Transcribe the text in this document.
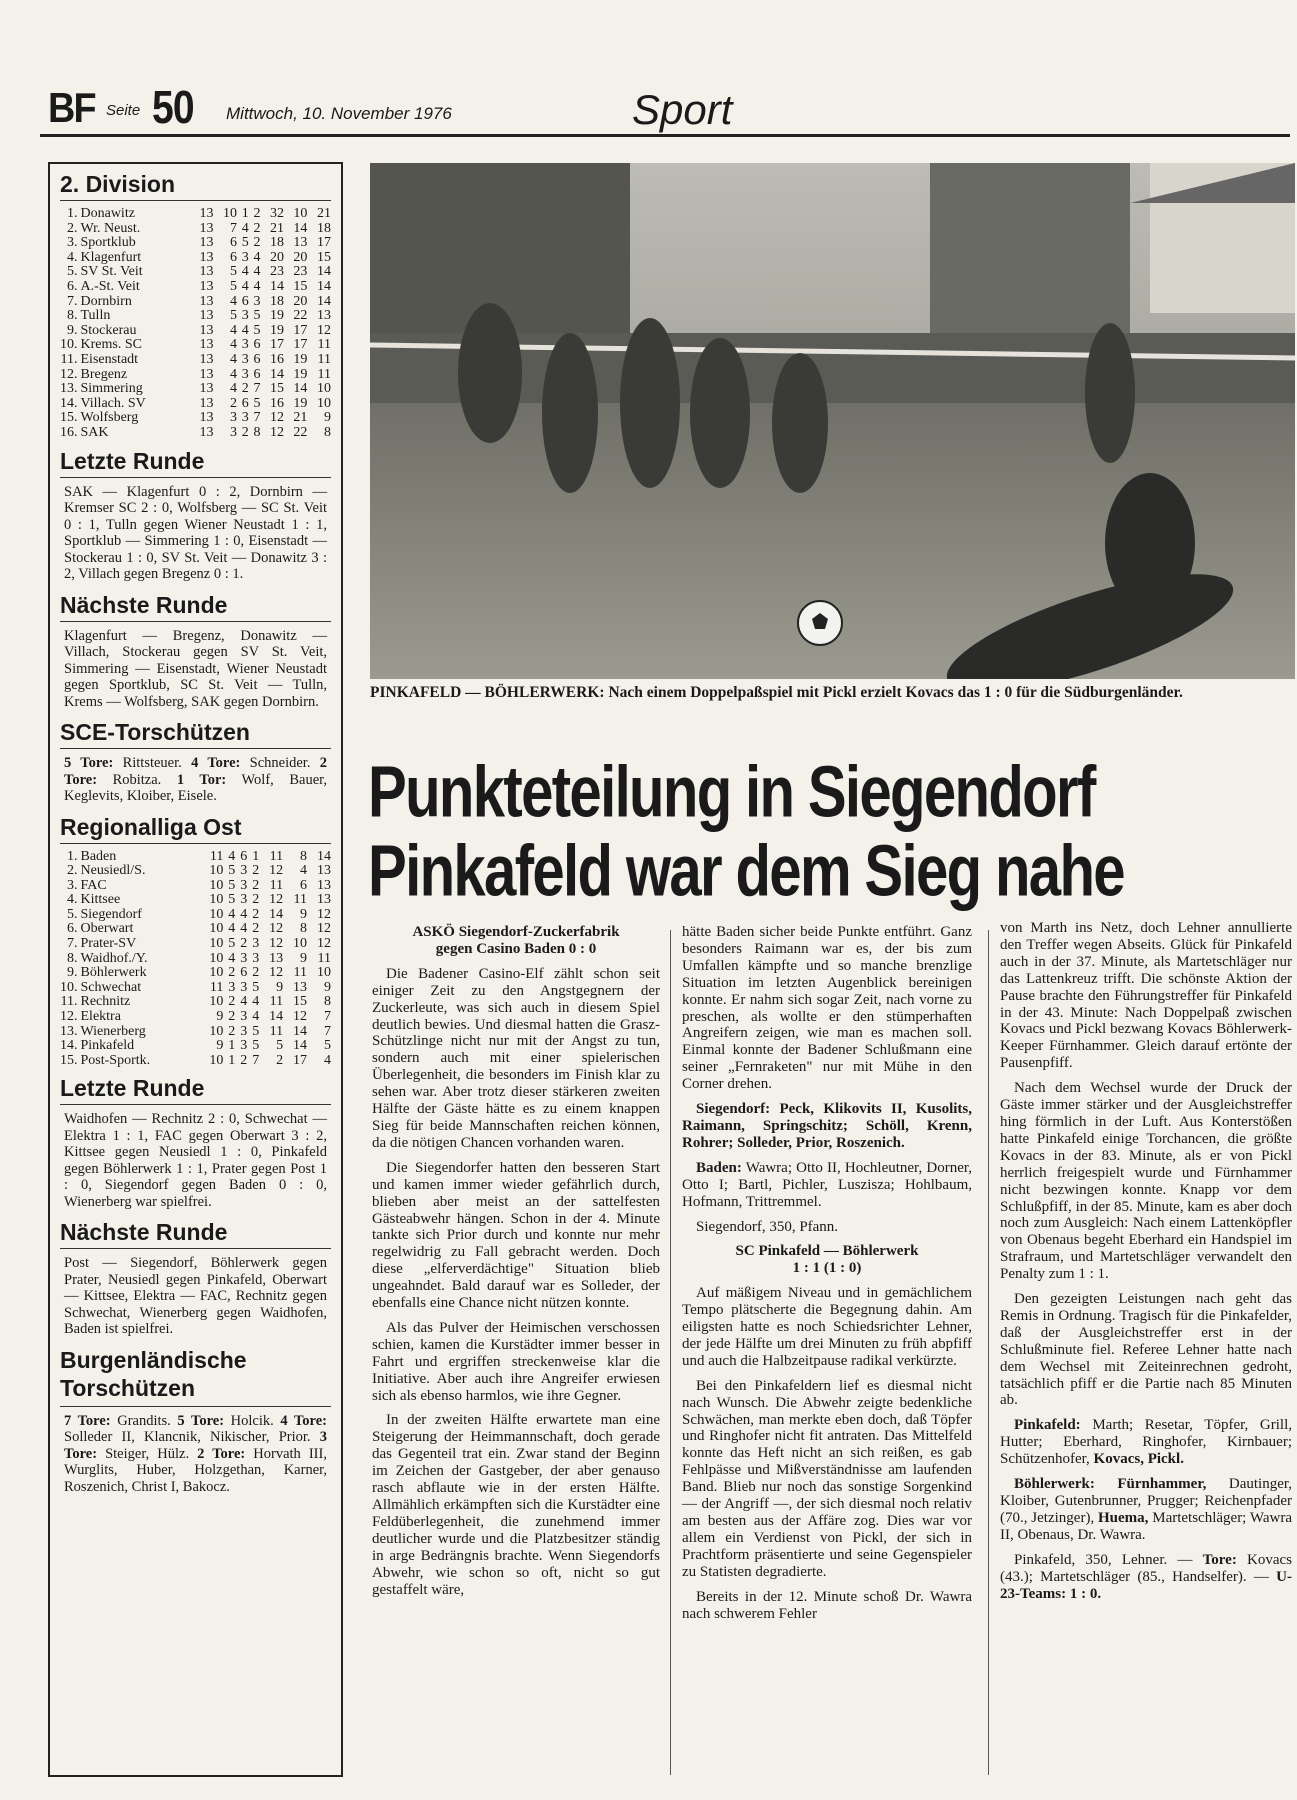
BF Seite 50 Mittwoch, 10. November 1976	Sport
2. Division
1.	Donawitz	13	10	1	2	32	10	21
2.	Wr. Neust.	13	7	4	2	21	14	18
3.	Sportklub	13	6	5	2	18	13	17
4.	Klagenfurt	13	6	3	4	20	20	15
5.	SV St. Veit	13	5	4	4	23	23	14
6.	A.-St. Veit	13	5	4	4	14	15	14
7.	Dornbirn	13	4	6	3	18	20	14
8.	Tulln	13	5	3	5	19	22	13
9.	Stockerau	13	4	4	5	19	17	12
10.	Krems. SC	13	4	3	6	17	17	11
11.	Eisenstadt	13	4	3	6	16	19	11
12.	Bregenz	13	4	3	6	14	19	11
13.	Simmering	13	4	2	7	15	14	10
14.	Villach. SV	13	2	6	5	16	19	10
15.	Wolfsberg	13	3	3	7	12	21	9
16.	SAK	13	3	2	8	12	22	8
Letzte Runde
SAK — Klagenfurt 0 : 2, Dornbirn — Kremser SC 2 : 0, Wolfsberg — SC St. Veit 0 : 1, Tulln gegen Wiener Neustadt 1 : 1, Sportklub — Simmering 1 : 0, Eisenstadt — Stockerau 1 : 0, SV St. Veit — Donawitz 3 : 2, Villach gegen Bregenz 0 : 1.
Nächste Runde
Klagenfurt — Bregenz, Donawitz — Villach, Stockerau gegen SV St. Veit, Simmering — Eisenstadt, Wiener Neustadt gegen Sportklub, SC St. Veit — Tulln, Krems — Wolfsberg, SAK gegen Dornbirn.
SCE-Torschützen
5 Tore: Rittsteuer. 4 Tore: Schneider. 2 Tore: Robitza. 1 Tor: Wolf, Bauer, Keglevits, Kloiber, Eisele.
Regionalliga Ost
1.	Baden	11	4	6	1	11	8	14
2.	Neusiedl/S.	10	5	3	2	12	4	13
3.	FAC	10	5	3	2	11	6	13
4.	Kittsee	10	5	3	2	12	11	13
5.	Siegendorf	10	4	4	2	14	9	12
6.	Oberwart	10	4	4	2	12	8	12
7.	Prater-SV	10	5	2	3	12	10	12
8.	Waidhof./Y.	10	4	3	3	13	9	11
9.	Böhlerwerk	10	2	6	2	12	11	10
10.	Schwechat	11	3	3	5	9	13	9
11.	Rechnitz	10	2	4	4	11	15	8
12.	Elektra	9	2	3	4	14	12	7
13.	Wienerberg	10	2	3	5	11	14	7
14.	Pinkafeld	9	1	3	5	5	14	5
15.	Post-Sportk.	10	1	2	7	2	17	4
Letzte Runde
Waidhofen — Rechnitz 2 : 0, Schwechat — Elektra 1 : 1, FAC gegen Oberwart 3 : 2, Kittsee gegen Neusiedl 1 : 0, Pinkafeld gegen Böhlerwerk 1 : 1, Prater gegen Post 1 : 0, Siegendorf gegen Baden 0 : 0, Wienerberg war spielfrei.
Nächste Runde
Post — Siegendorf, Böhlerwerk gegen Prater, Neusiedl gegen Pinkafeld, Oberwart — Kittsee, Elektra — FAC, Rechnitz gegen Schwechat, Wienerberg gegen Waidhofen, Baden ist spielfrei.
Burgenländische
Torschützen
7 Tore: Grandits. 5 Tore: Holcik. 4 Tore: Solleder II, Klancnik, Nikischer, Prior. 3 Tore: Steiger, Hülz. 2 Tore: Horvath III, Wurglits, Huber, Holzgethan, Karner, Roszenich, Christ I, Bakocz.
PINKAFELD — BÖHLERWERK: Nach einem Doppelpaßspiel mit Pickl erzielt Kovacs das 1 : 0 für die Südburgenländer.
Punkteteilung in Siegendorf
Pinkafeld war dem Sieg nahe
ASKÖ Siegendorf-Zuckerfabrik
gegen Casino Baden 0 : 0

Die Badener Casino-Elf zählt schon seit einiger Zeit zu den Angstgegnern der Zuckerleute, was sich auch in diesem Spiel deutlich bewies. Und diesmal hatten die Grasz-Schützlinge nicht nur mit der Angst zu tun, sondern auch mit einer spielerischen Überlegenheit, die besonders im Finish klar zu sehen war. Aber trotz dieser stärkeren zweiten Hälfte der Gäste hätte es zu einem knappen Sieg für beide Mannschaften reichen können, da die nötigen Chancen vorhanden waren.

Die Siegendorfer hatten den besseren Start und kamen immer wieder gefährlich durch, blieben aber meist an der sattelfesten Gästeabwehr hängen. Schon in der 4. Minute tankte sich Prior durch und konnte nur mehr regelwidrig zu Fall gebracht werden. Doch diese „elferverdächtige" Situation blieb ungeahndet. Bald darauf war es Solleder, der ebenfalls eine Chance nicht nützen konnte.

Als das Pulver der Heimischen verschossen schien, kamen die Kurstädter immer besser in Fahrt und ergriffen streckenweise klar die Initiative. Aber auch ihre Angreifer erwiesen sich als ebenso harmlos, wie ihre Gegner.

In der zweiten Hälfte erwartete man eine Steigerung der Heimmannschaft, doch gerade das Gegenteil trat ein. Zwar stand der Beginn im Zeichen der Gastgeber, der aber genauso rasch abflaute wie in der ersten Hälfte. Allmählich erkämpften sich die Kurstädter eine Feldüberlegenheit, die zunehmend immer deutlicher wurde und die Platzbesitzer ständig in arge Bedrängnis brachte. Wenn Siegendorfs Abwehr, wie schon so oft, nicht so gut gestaffelt wäre,

hätte Baden sicher beide Punkte entführt. Ganz besonders Raimann war es, der bis zum Umfallen kämpfte und so manche brenzlige Situation im letzten Augenblick bereinigen konnte. Er nahm sich sogar Zeit, nach vorne zu preschen, als wollte er den stümperhaften Angreifern zeigen, wie man es machen soll. Einmal konnte der Badener Schlußmann eine seiner „Fernraketen" nur mit Mühe in den Corner drehen.

Siegendorf: Peck, Klikovits II, Kusolits, Raimann, Springschitz; Schöll, Krenn, Rohrer; Solleder, Prior, Roszenich.

Baden: Wawra; Otto II, Hochleutner, Dorner, Otto I; Bartl, Pichler, Luszisza; Hohlbaum, Hofmann, Trittremmel.

Siegendorf, 350, Pfann.

SC Pinkafeld — Böhlerwerk
1 : 1 (1 : 0)

Auf mäßigem Niveau und in gemächlichem Tempo plätscherte die Begegnung dahin. Am eiligsten hatte es noch Schiedsrichter Lehner, der jede Hälfte um drei Minuten zu früh abpfiff und auch die Halbzeitpause radikal verkürzte.

Bei den Pinkafeldern lief es diesmal nicht nach Wunsch. Die Abwehr zeigte bedenkliche Schwächen, man merkte eben doch, daß Töpfer und Ringhofer nicht fit antraten. Das Mittelfeld konnte das Heft nicht an sich reißen, es gab Fehlpässe und Mißverständnisse am laufenden Band. Blieb nur noch das sonstige Sorgenkind — der Angriff —, der sich diesmal noch relativ am besten aus der Affäre zog. Dies war vor allem ein Verdienst von Pickl, der sich in Prachtform präsentierte und seine Gegenspieler zu Statisten degradierte.

Bereits in der 12. Minute schoß Dr. Wawra nach schwerem Fehler

von Marth ins Netz, doch Lehner annullierte den Treffer wegen Abseits. Glück für Pinkafeld auch in der 37. Minute, als Martetschläger nur das Lattenkreuz trifft. Die schönste Aktion der Pause brachte den Führungstreffer für Pinkafeld in der 43. Minute: Nach Doppelpaß zwischen Kovacs und Pickl bezwang Kovacs Böhlerwerk-Keeper Fürnhammer. Gleich darauf ertönte der Pausenpfiff.

Nach dem Wechsel wurde der Druck der Gäste immer stärker und der Ausgleichstreffer hing förmlich in der Luft. Aus Konterstößen hatte Pinkafeld einige Torchancen, die größte Kovacs in der 83. Minute, als er von Pickl herrlich freigespielt wurde und Fürnhammer nicht bezwingen konnte. Knapp vor dem Schlußpfiff, in der 85. Minute, kam es aber doch noch zum Ausgleich: Nach einem Lattenköpfler von Obenaus begeht Eberhard ein Handspiel im Strafraum, und Martetschläger verwandelt den Penalty zum 1 : 1.

Den gezeigten Leistungen nach geht das Remis in Ordnung. Tragisch für die Pinkafelder, daß der Ausgleichstreffer erst in der Schlußminute fiel. Referee Lehner hatte nach dem Wechsel mit Zeiteinrechnen gedroht, tatsächlich pfiff er die Partie nach 85 Minuten ab.

Pinkafeld: Marth; Resetar, Töpfer, Grill, Hutter; Eberhard, Ringhofer, Kirnbauer; Schützenhofer, Kovacs, Pickl.

Böhlerwerk: Fürnhammer, Dautinger, Kloiber, Gutenbrunner, Prugger; Reichenpfader (70., Jetzinger), Huema, Martetschläger; Wawra II, Obenaus, Dr. Wawra.

Pinkafeld, 350, Lehner. — Tore: Kovacs (43.); Martetschläger (85., Handselfer). — U-23-Teams: 1 : 0.
